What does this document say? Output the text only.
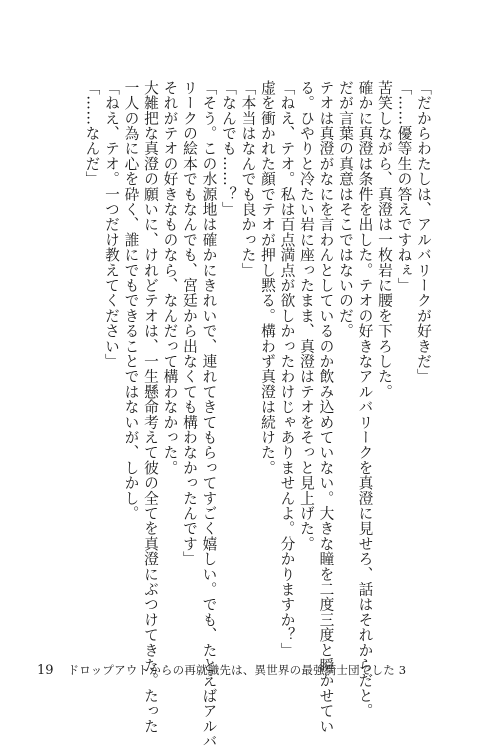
「だからわたしは、アルバリークが好きだ」
「……優等生の答えですねぇ」
苦笑しながら、真澄は一枚岩に腰を下ろした。
確かに真澄は条件を出した。テオの好きなアルバリークを真澄に見せろ、話はそれからだと。
だが言葉の真意はそこではないのだ。
テオは真澄がなにを言わんとしているのか飲み込めていない。大きな瞳を二度三度と瞬かせてい
る。ひやりと冷たい岩に座ったまま、真澄はテオをそっと見上げた。
「ねえ、テオ。私は百点満点が欲しかったわけじゃありませんよ。分かりますか？」
虚を衝かれた顔でテオが押し黙る。構わず真澄は続けた。
「本当はなんでも良かった」
「なんでも……？」
「そう。この水源地は確かにきれいで、連れてきてもらってすごく嬉しい。でも、たとえばアルバ
リークの絵本でもなんでも、宮廷から出なくても構わなかったんです」
それがテオの好きなものなら、なんだって構わなかった。
大雑把な真澄の願いに、けれどテオは、一生懸命考えて彼の全てを真澄にぶつけてきた。たった
一人の為に心を砕く、誰にでもできることではないが、しかし。
「ねえ、テオ。一つだけ教えてください」
「……なんだ」
19 ドロップアウトからの再就職先は、異世界の最強騎士団でした 3
